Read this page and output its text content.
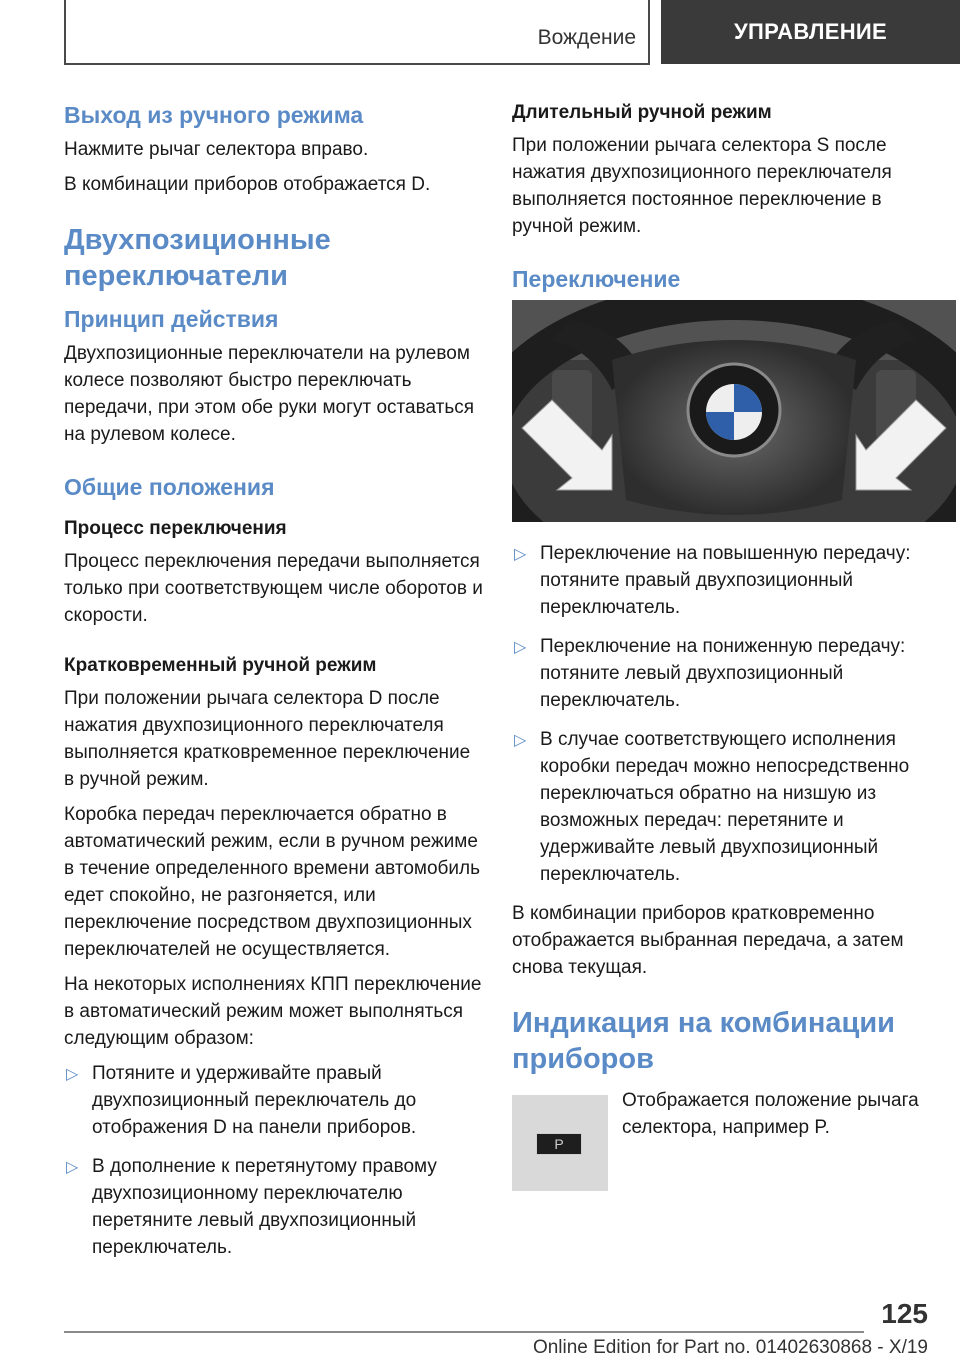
Вождение	УПРАВЛЕНИЕ
Выход из ручного режима

Нажмите рычаг селектора вправо.

В комбинации приборов отображается D.

Двухпозиционные переключатели
Принцип действия

Двухпозиционные переключатели на рулевом колесе позволяют быстро переключать передачи, при этом обе руки могут оставаться на рулевом колесе.

Общие положения
Процесс переключения

Процесс переключения передачи выполняется только при соответствующем числе оборотов и скорости.

Кратковременный ручной режим

При положении рычага селектора D после нажатия двухпозиционного переключателя выполняется кратковременное переключение в ручной режим.

Коробка передач переключается обратно в автоматический режим, если в ручном режиме в течение определенного времени автомобиль едет спокойно, не разгоняется, или переключение посредством двухпозиционных переключателей не осуществляется.

На некоторых исполнениях КПП переключение в автоматический режим может выполняться следующим образом:

▷ Потяните и удерживайте правый двухпозиционный переключатель до отображения D на панели приборов.
▷ В дополнение к перетянутому правому двухпозиционному переключателю перетяните левый двухпозиционный переключатель.
Длительный ручной режим

При положении рычага селектора S после нажатия двухпозиционного переключателя выполняется постоянное переключение в ручной режим.

Переключение
▷ Переключение на повышенную передачу: потяните правый двухпозиционный переключатель.
▷ Переключение на пониженную передачу: потяните левый двухпозиционный переключатель.
▷ В случае соответствующего исполнения коробки передач можно непосредственно переключаться обратно на низшую из возможных передач: перетяните и удерживайте левый двухпозиционный переключатель.

В комбинации приборов кратковременно отображается выбранная передача, а затем снова текущая.

Индикация на комбинации приборов
P

Отображается положение рычага селектора, например P.

125
Online Edition for Part no. 01402630868 - X/19
